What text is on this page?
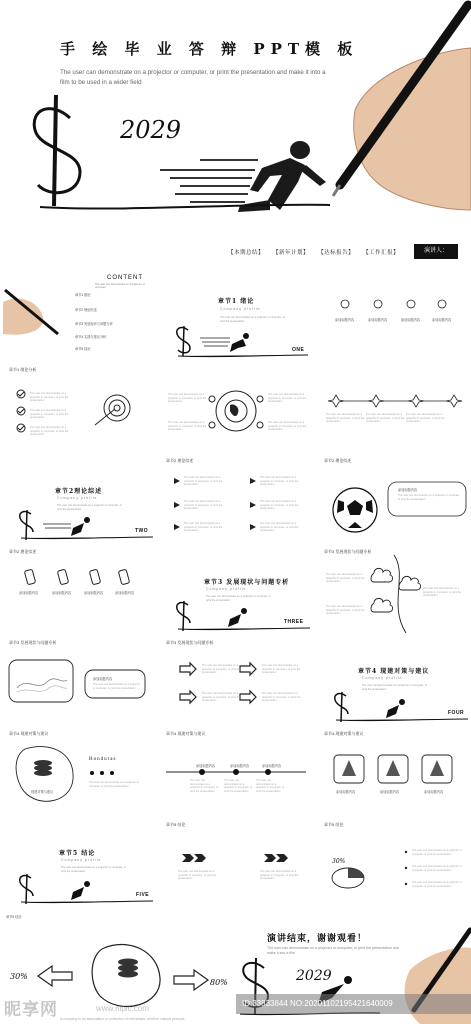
手 绘 毕 业 答 辩 PPT模 板
The user can demonstrate on a projector or computer, or print the presentation and make it into a film to be used in a wider field
2029
【本期总结】 【新年计划】 【达标报告】 【工作汇报】	演讲人：
CONTENT
The user can demonstrate on a projector or computer
章节1 绪论
章节2 理论综述
章节3 发展现状与问题专析
章节4 实践与建议分析
章节5 结论
章节1 绪论
Company profile
The user can demonstrate on a projector or computer, or print the presentation
ONE
添加标题内容	添加标题内容	添加标题内容	添加标题内容
章节1 绪论分析
The user can demonstrate on a projector or computer, or print the presentation
The user can demonstrate on a projector or computer, or print the presentation
The user can demonstrate on a projector or computer, or print the presentation
The user can demonstrate on a projector or computer, or print the presentation
The user can demonstrate on a projector or computer, or print the presentation
The user can demonstrate on a projector or computer, or print the presentation
The user can demonstrate on a projector or computer, or print the presentation
The user can demonstrate on a projector or computer, or print the presentation
The user can demonstrate on a projector or computer, or print the presentation
The user can demonstrate on a projector or computer, or print the presentation
章节2理论综述
Company profile
The user can demonstrate on a projector or computer, or print the presentation
TWO
章节2 理论综述
The user can demonstrate on a projector or computer, or print the presentation
The user can demonstrate on a projector or computer, or print the presentation
The user can demonstrate on a projector or computer, or print the presentation
The user can demonstrate on a projector or computer, or print the presentation
The user can demonstrate on a projector or computer, or print the presentation
The user can demonstrate on a projector or computer, or print the presentation
章节2 理论综述
添加标题内容
The user can demonstrate on a projector or computer, or print the presentation
章节2 理论综述
添加标题内容	添加标题内容	添加标题内容	添加标题内容
章节3 发展现状与问题专析
Company profile
The user can demonstrate on a projector or computer, or print the presentation
THREE
章节3 发展现状与问题专析
The user can demonstrate on a projector or computer, or print the presentation
The user can demonstrate on a projector or computer, or print the presentation
The user can demonstrate on a projector or computer, or print the presentation
章节3 发展现状与问题专析
添加标题内容
The user can demonstrate on a projector or computer, or print the presentation
章节3 发展现状与问题专析
The user can demonstrate on a projector or computer, or print the presentation
The user can demonstrate on a projector or computer, or print the presentation
The user can demonstrate on a projector or computer, or print the presentation
The user can demonstrate on a projector or computer, or print the presentation
章节4 现建对策与建议
Company profile
The user can demonstrate on a projector or computer, or print the presentation
FOUR
章节4 现建对策与建议
现建对策与建议
Honduras
The user can demonstrate on a projector or computer, or print the presentation
章节4 现建对策与建议
添加标题内容	添加标题内容	添加标题内容
The user can demonstrate on a projector or computer, or print the presentation
The user can demonstrate on a projector or computer, or print the presentation
The user can demonstrate on a projector or computer, or print the presentation
章节4 现建对策与建议
添加标题内容	添加标题内容	添加标题内容
章节5 结论
Company profile
The user can demonstrate on a projector or computer, or print the presentation
FIVE
章节5 结论
The user can demonstrate on a projector or computer, or print the presentation
The user can demonstrate on a projector or computer, or print the presentation
章节5 结论
30%
The user can demonstrate on a projector or computer, or print the presentation
The user can demonstrate on a projector or computer, or print the presentation
The user can demonstrate on a projector or computer, or print the presentation
章节5 结论
30%
80%
演讲结束，谢谢观看！
The user can demonstrate on a projector or computer, or print the presentation and make it into a film
2029
A company is an association or collection of individuals, whether natural persons
昵享网	www.nipic.com
ID:33833844 NO:20201102195421640009
